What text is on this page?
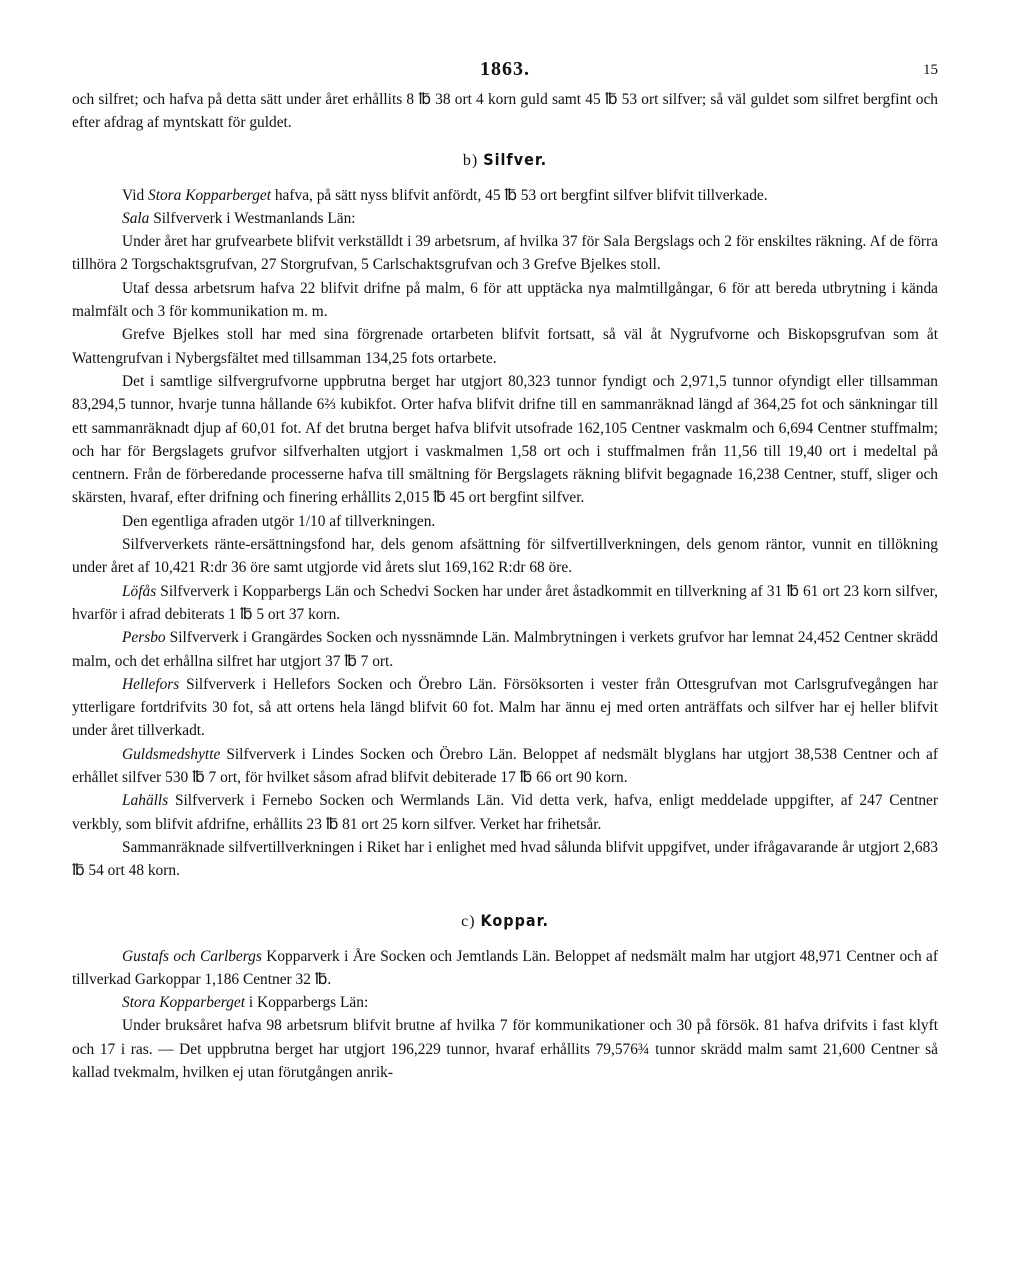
1863.	15

och silfret; och hafva på detta sätt under året erhållits 8 ℔ 38 ort 4 korn guld samt 45 ℔ 53 ort silfver; så väl guldet som silfret bergfint och efter afdrag af myntskatt för guldet.

b) Silfver.

Vid Stora Kopparberget hafva, på sätt nyss blifvit anfördt, 45 ℔ 53 ort bergfint silfver blifvit tillverkade.

Sala Silfververk i Westmanlands Län:

Under året har grufvearbete blifvit verkställdt i 39 arbetsrum, af hvilka 37 för Sala Bergslags och 2 för enskiltes räkning. Af de förra tillhöra 2 Torgschaktsgrufvan, 27 Storgrufvan, 5 Carlschaktsgrufvan och 3 Grefve Bjelkes stoll.

Utaf dessa arbetsrum hafva 22 blifvit drifne på malm, 6 för att upptäcka nya malmtillgångar, 6 för att bereda utbrytning i kända malmfält och 3 för kommunikation m. m.

Grefve Bjelkes stoll har med sina förgrenade ortarbeten blifvit fortsatt, så väl åt Nygrufvorne och Biskopsgrufvan som åt Wattengrufvan i Nybergsfältet med tillsamman 134,25 fots ortarbete.

Det i samtlige silfvergrufvorne uppbrutna berget har utgjort 80,323 tunnor fyndigt och 2,971,5 tunnor ofyndigt eller tillsamman 83,294,5 tunnor, hvarje tunna hållande 6⅔ kubikfot. Orter hafva blifvit drifne till en sammanräknad längd af 364,25 fot och sänkningar till ett sammanräknadt djup af 60,01 fot. Af det brutna berget hafva blifvit utsofrade 162,105 Centner vaskmalm och 6,694 Centner stuffmalm; och har för Bergslagets grufvor silfverhalten utgjort i vaskmalmen 1,58 ort och i stuffmalmen från 11,56 till 19,40 ort i medeltal på centnern. Från de förberedande processerne hafva till smältning för Bergslagets räkning blifvit begagnade 16,238 Centner, stuff, sliger och skärsten, hvaraf, efter drifning och finering erhållits 2,015 ℔ 45 ort bergfint silfver.

Den egentliga afraden utgör 1/10 af tillverkningen.

Silfververkets ränte-ersättningsfond har, dels genom afsättning för silfvertillverkningen, dels genom räntor, vunnit en tillökning under året af 10,421 R:dr 36 öre samt utgjorde vid årets slut 169,162 R:dr 68 öre.

Löfås Silfververk i Kopparbergs Län och Schedvi Socken har under året åstadkommit en tillverkning af 31 ℔ 61 ort 23 korn silfver, hvarför i afrad debiterats 1 ℔ 5 ort 37 korn.

Persbo Silfververk i Grangärdes Socken och nyssnämnde Län. Malmbrytningen i verkets grufvor har lemnat 24,452 Centner skrädd malm, och det erhållna silfret har utgjort 37 ℔ 7 ort.

Hellefors Silfververk i Hellefors Socken och Örebro Län. Försöksorten i vester från Ottesgrufvan mot Carlsgrufvegången har ytterligare fortdrifvits 30 fot, så att ortens hela längd blifvit 60 fot. Malm har ännu ej med orten anträffats och silfver har ej heller blifvit under året tillverkadt.

Guldsmedshytte Silfververk i Lindes Socken och Örebro Län. Beloppet af nedsmält blyglans har utgjort 38,538 Centner och af erhållet silfver 530 ℔ 7 ort, för hvilket såsom afrad blifvit debiterade 17 ℔ 66 ort 90 korn.

Lahälls Silfververk i Fernebo Socken och Wermlands Län. Vid detta verk, hafva, enligt meddelade uppgifter, af 247 Centner verkbly, som blifvit afdrifne, erhållits 23 ℔ 81 ort 25 korn silfver. Verket har frihetsår.

Sammanräknade silfvertillverkningen i Riket har i enlighet med hvad sålunda blifvit uppgifvet, under ifrågavarande år utgjort 2,683 ℔ 54 ort 48 korn.

c) Koppar.

Gustafs och Carlbergs Kopparverk i Åre Socken och Jemtlands Län. Beloppet af nedsmält malm har utgjort 48,971 Centner och af tillverkad Garkoppar 1,186 Centner 32 ℔.

Stora Kopparberget i Kopparbergs Län:

Under bruksåret hafva 98 arbetsrum blifvit brutne af hvilka 7 för kommunikationer och 30 på försök. 81 hafva drifvits i fast klyft och 17 i ras. — Det uppbrutna berget har utgjort 196,229 tunnor, hvaraf erhållits 79,576¾ tunnor skrädd malm samt 21,600 Centner så kallad tvekmalm, hvilken ej utan förutgången anrik-
